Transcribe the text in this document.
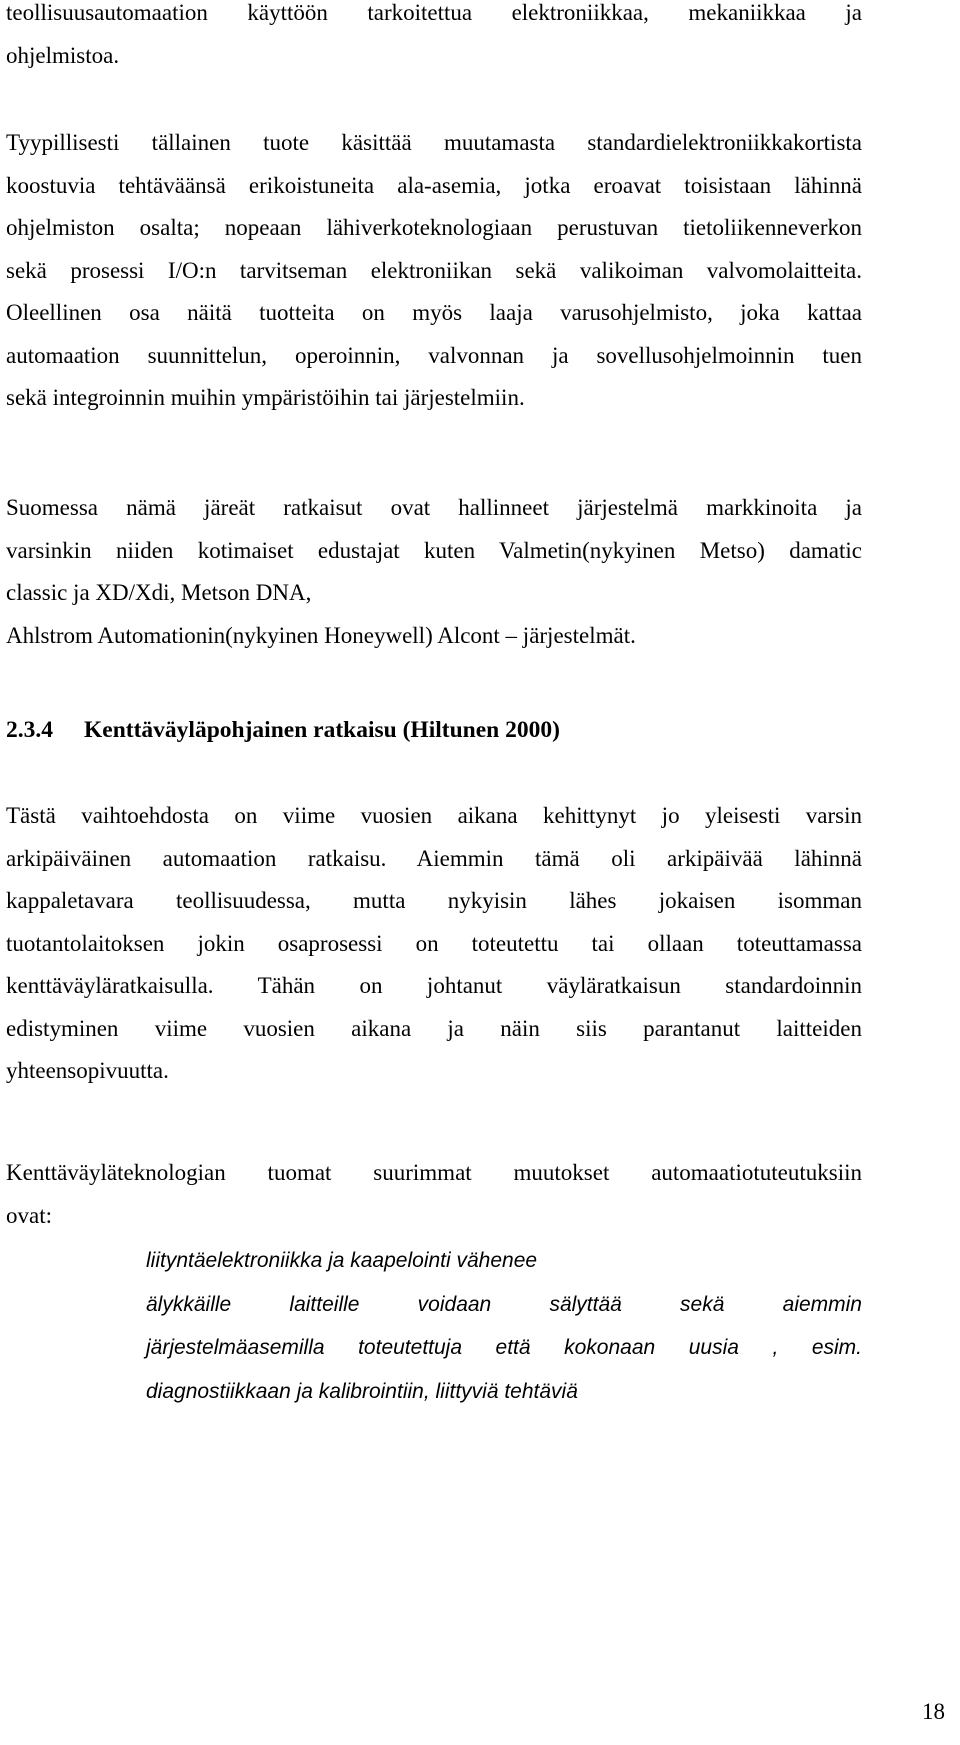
teollisuusautomaation käyttöön tarkoitettua elektroniikkaa, mekaniikkaa ja
ohjelmistoa.

Tyypillisesti tällainen tuote käsittää muutamasta standardielektroniikkakortista
koostuvia tehtäväänsä erikoistuneita ala-asemia, jotka eroavat toisistaan lähinnä
ohjelmiston osalta; nopeaan lähiverkoteknologiaan perustuvan tietoliikenneverkon
sekä prosessi I/O:n tarvitseman elektroniikan sekä valikoiman valvomolaitteita.
Oleellinen osa näitä tuotteita on myös laaja varusohjelmisto, joka kattaa
automaation suunnittelun, operoinnin, valvonnan ja sovellusohjelmoinnin tuen
sekä integroinnin muihin ympäristöihin tai järjestelmiin.

Suomessa nämä järeät ratkaisut ovat hallinneet järjestelmä markkinoita ja
varsinkin niiden kotimaiset edustajat kuten Valmetin(nykyinen Metso) damatic
classic ja XD/Xdi, Metson DNA,
Ahlstrom Automationin(nykyinen Honeywell) Alcont – järjestelmät.

2.3.4 Kenttäväyläpohjainen ratkaisu (Hiltunen 2000)

Tästä vaihtoehdosta on viime vuosien aikana kehittynyt jo yleisesti varsin
arkipäiväinen automaation ratkaisu. Aiemmin tämä oli arkipäivää lähinnä
kappaletavara teollisuudessa, mutta nykyisin lähes jokaisen isomman
tuotantolaitoksen jokin osaprosessi on toteutettu tai ollaan toteuttamassa
kenttäväyläratkaisulla. Tähän on johtanut väyläratkaisun standardoinnin
edistyminen viime vuosien aikana ja näin siis parantanut laitteiden
yhteensopivuutta.

Kenttäväyläteknologian tuomat suurimmat muutokset automaatiotuteutuksiin
ovat:

liityntäelektroniikka ja kaapelointi vähenee
älykkäille laitteille voidaan sälyttää sekä aiemmin
järjestelmäasemilla toteutettuja että kokonaan uusia , esim.
diagnostiikkaan ja kalibrointiin, liittyviä tehtäviä
18
